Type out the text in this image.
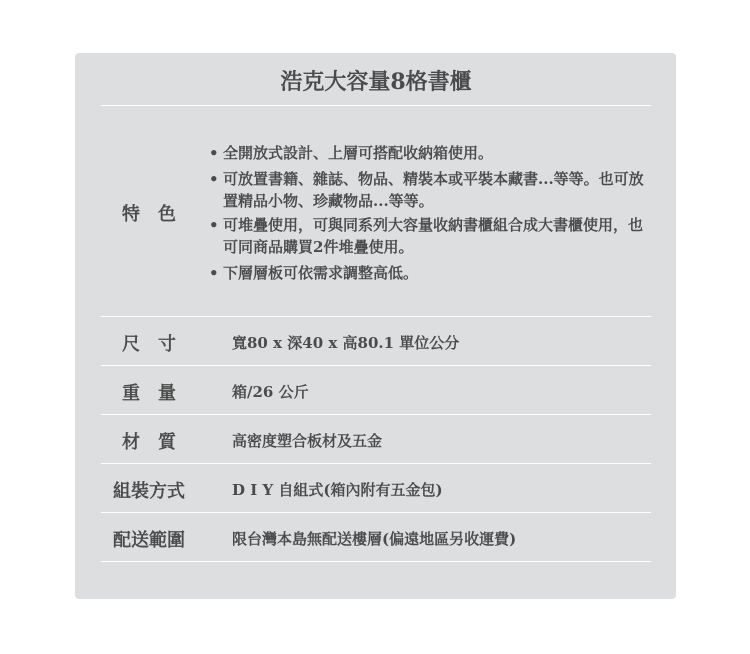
浩克大容量8格書櫃
特　色
• 全開放式設計、上層可搭配收納箱使用。
• 可放置書籍、雜誌、物品、精裝本或平裝本藏書...等等。也可放置精品小物、珍藏物品...等等。
• 可堆疊使用，可與同系列大容量收納書櫃組合成大書櫃使用，也可同商品購買2件堆疊使用。
• 下層層板可依需求調整高低。
尺　寸	寬80 x 深40 x 高80.1 單位公分
重　量	箱/26 公斤
材　質	高密度塑合板材及五金
組裝方式	D I Y 自組式(箱內附有五金包)
配送範圍	限台灣本島無配送樓層(偏遠地區另收運費)
